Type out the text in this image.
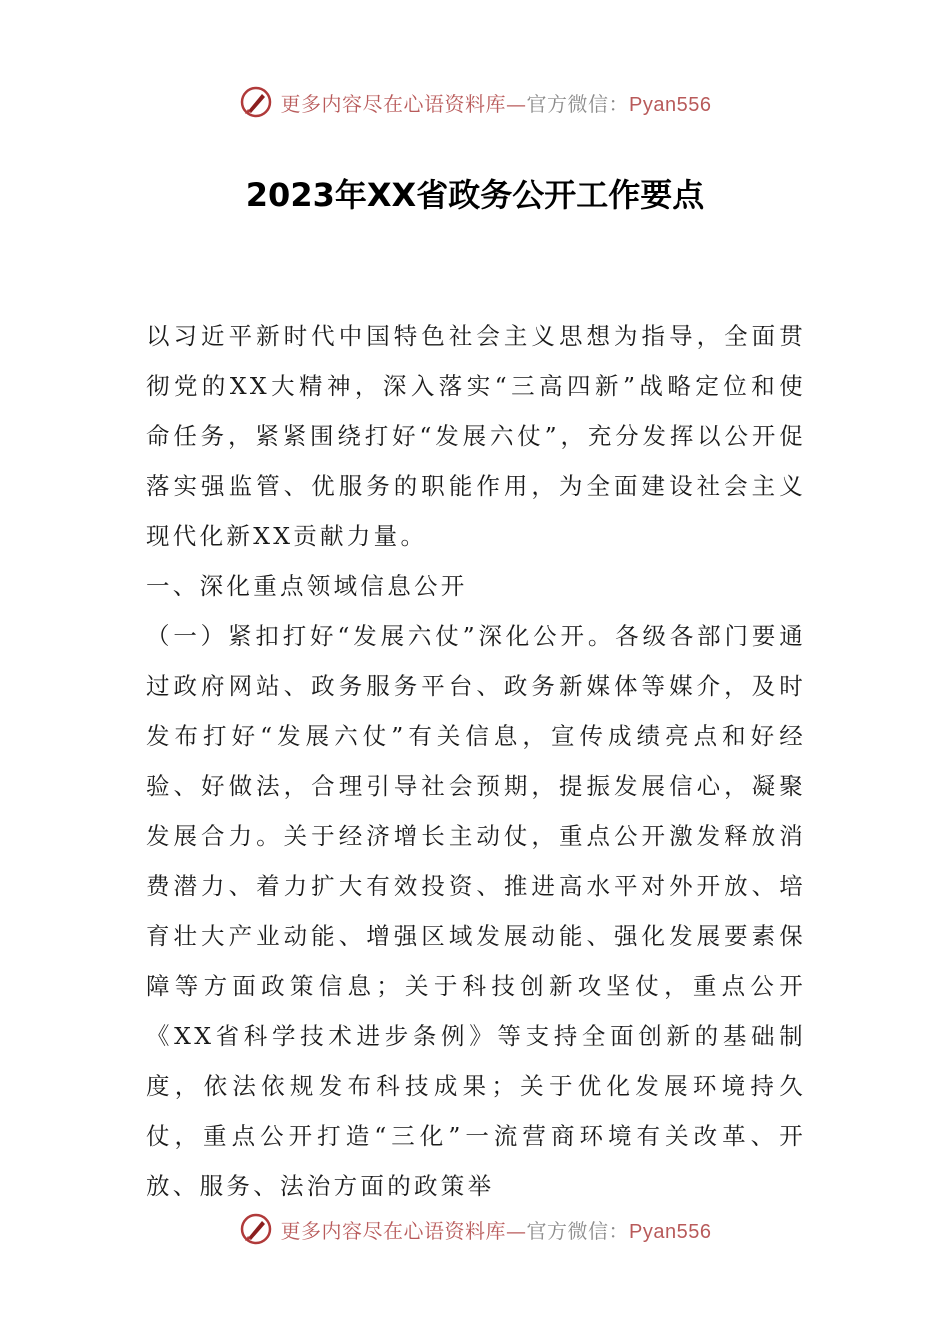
更多内容尽在心语资料库—官方微信：Pyan556
2023年XX省政务公开工作要点

以习近平新时代中国特色社会主义思想为指导，全面贯彻党的XX大精神，深入落实“三高四新”战略定位和使命任务，紧紧围绕打好“发展六仗”，充分发挥以公开促落实强监管、优服务的职能作用，为全面建设社会主义现代化新XX贡献力量。

一、深化重点领域信息公开

（一）紧扣打好“发展六仗”深化公开。各级各部门要通过政府网站、政务服务平台、政务新媒体等媒介，及时发布打好“发展六仗”有关信息，宣传成绩亮点和好经验、好做法，合理引导社会预期，提振发展信心，凝聚发展合力。关于经济增长主动仗，重点公开激发释放消费潜力、着力扩大有效投资、推进高水平对外开放、培育壮大产业动能、增强区域发展动能、强化发展要素保障等方面政策信息；关于科技创新攻坚仗，重点公开《XX省科学技术进步条例》等支持全面创新的基础制度，依法依规发布科技成果；关于优化发展环境持久仗，重点公开打造“三化”一流营商环境有关改革、开放、服务、法治方面的政策举

更多内容尽在心语资料库—官方微信：Pyan556
